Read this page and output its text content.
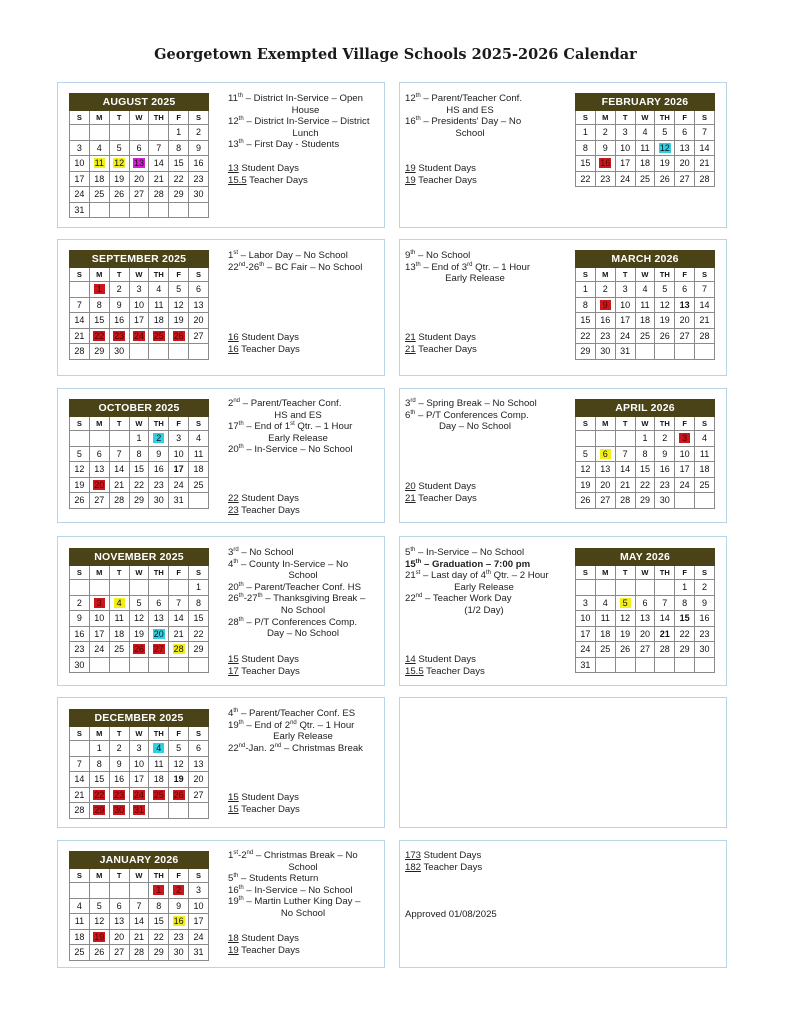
Georgetown Exempted Village Schools 2025-2026 Calendar
AUGUST 2025						
S	M	T	W	TH	F	S
					1	2
3	4	5	6	7	8	9
10	11	12	13	14	15	16
17	18	19	20	21	22	23
24	25	26	27	28	29	30
31						
FEBRUARY 2026						
S	M	T	W	TH	F	S
1	2	3	4	5	6	7
8	9	10	11	12	13	14
15	16	17	18	19	20	21
22	23	24	25	26	27	28
SEPTEMBER 2025						
S	M	T	W	TH	F	S
	1	2	3	4	5	6
7	8	9	10	11	12	13
14	15	16	17	18	19	20
21	22	23	24	25	26	27
28	29	30				
MARCH 2026						
S	M	T	W	TH	F	S
1	2	3	4	5	6	7
8	9	10	11	12	13	14
15	16	17	18	19	20	21
22	23	24	25	26	27	28
29	30	31				
OCTOBER 2025						
S	M	T	W	TH	F	S
			1	2	3	4
5	6	7	8	9	10	11
12	13	14	15	16	17	18
19	20	21	22	23	24	25
26	27	28	29	30	31	
APRIL 2026						
S	M	T	W	TH	F	S
			1	2	3	4
5	6	7	8	9	10	11
12	13	14	15	16	17	18
19	20	21	22	23	24	25
26	27	28	29	30		
NOVEMBER 2025						
S	M	T	W	TH	F	S
						1
2	3	4	5	6	7	8
9	10	11	12	13	14	15
16	17	18	19	20	21	22
23	24	25	26	27	28	29
30						
MAY 2026						
S	M	T	W	TH	F	S
					1	2
3	4	5	6	7	8	9
10	11	12	13	14	15	16
17	18	19	20	21	22	23
24	25	26	27	28	29	30
31						
DECEMBER 2025						
S	M	T	W	TH	F	S
	1	2	3	4	5	6
7	8	9	10	11	12	13
14	15	16	17	18	19	20
21	22	23	24	25	26	27
28	29	30	31			
JANUARY 2026						
S	M	T	W	TH	F	S
				1	2	3
4	5	6	7	8	9	10
11	12	13	14	15	16	17
18	19	20	21	22	23	24
25	26	27	28	29	30	31
11th – District In-Service – Open
House
12th – District In-Service – District
Lunch
13th – First Day - Students
13 Student Days
15.5 Teacher Days
12th – Parent/Teacher Conf.
HS and ES
16th – Presidents' Day – No
School
19 Student Days
19 Teacher Days
1st – Labor Day – No School
22nd-26th – BC Fair – No School
16 Student Days
16 Teacher Days
9th – No School
13th – End of 3rd Qtr. – 1 Hour
Early Release
21 Student Days
21 Teacher Days
2nd – Parent/Teacher Conf.
HS and ES
17th – End of 1st Qtr. – 1 Hour
Early Release
20th – In-Service – No School
22 Student Days
23 Teacher Days
3rd – Spring Break – No School
6th – P/T Conferences Comp.
Day – No School
20 Student Days
21 Teacher Days
3rd – No School
4th – County In-Service – No
School
20th – Parent/Teacher Conf. HS
26th-27th – Thanksgiving Break –
No School
28th – P/T Conferences Comp.
Day – No School
15 Student Days
17 Teacher Days
5th – In-Service – No School
15th – Graduation – 7:00 pm
21st – Last day of 4th Qtr. – 2 Hour
Early Release
22nd – Teacher Work Day
(1/2 Day)
14 Student Days
15.5 Teacher Days
4th – Parent/Teacher Conf. ES
19th – End of 2nd Qtr. – 1 Hour
Early Release
22nd-Jan. 2nd – Christmas Break
15 Student Days
15 Teacher Days
1st-2nd – Christmas Break – No
School
5th – Students Return
16th – In-Service – No School
19th – Martin Luther King Day –
No School
18 Student Days
19 Teacher Days
173 Student Days
182 Teacher Days
Approved 01/08/2025
